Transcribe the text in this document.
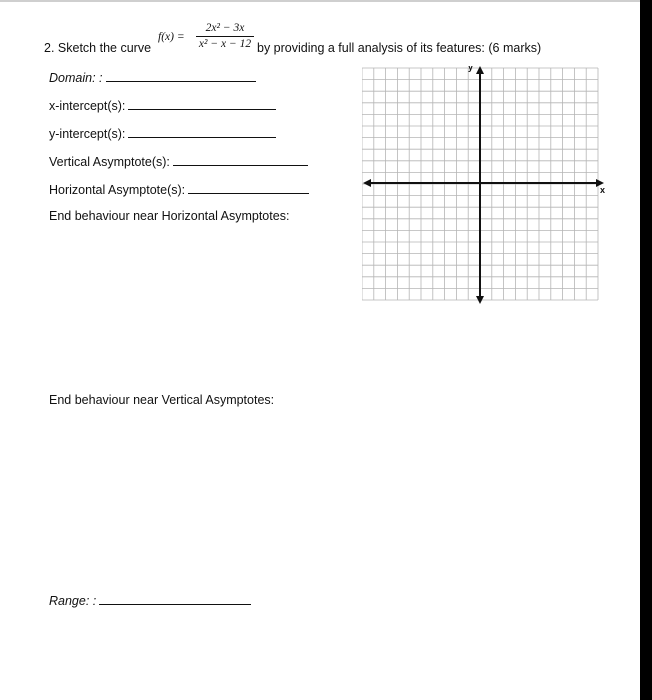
2. Sketch the curve
f(x) =
2x² − 3x
x² − x − 12 by providing a full analysis of its features: (6 marks)
Domain: :
x-intercept(s):
y-intercept(s):
Vertical Asymptote(s):
Horizontal Asymptote(s):
End behaviour near Horizontal Asymptotes:
End behaviour near Vertical Asymptotes:
Range: :
x
y
